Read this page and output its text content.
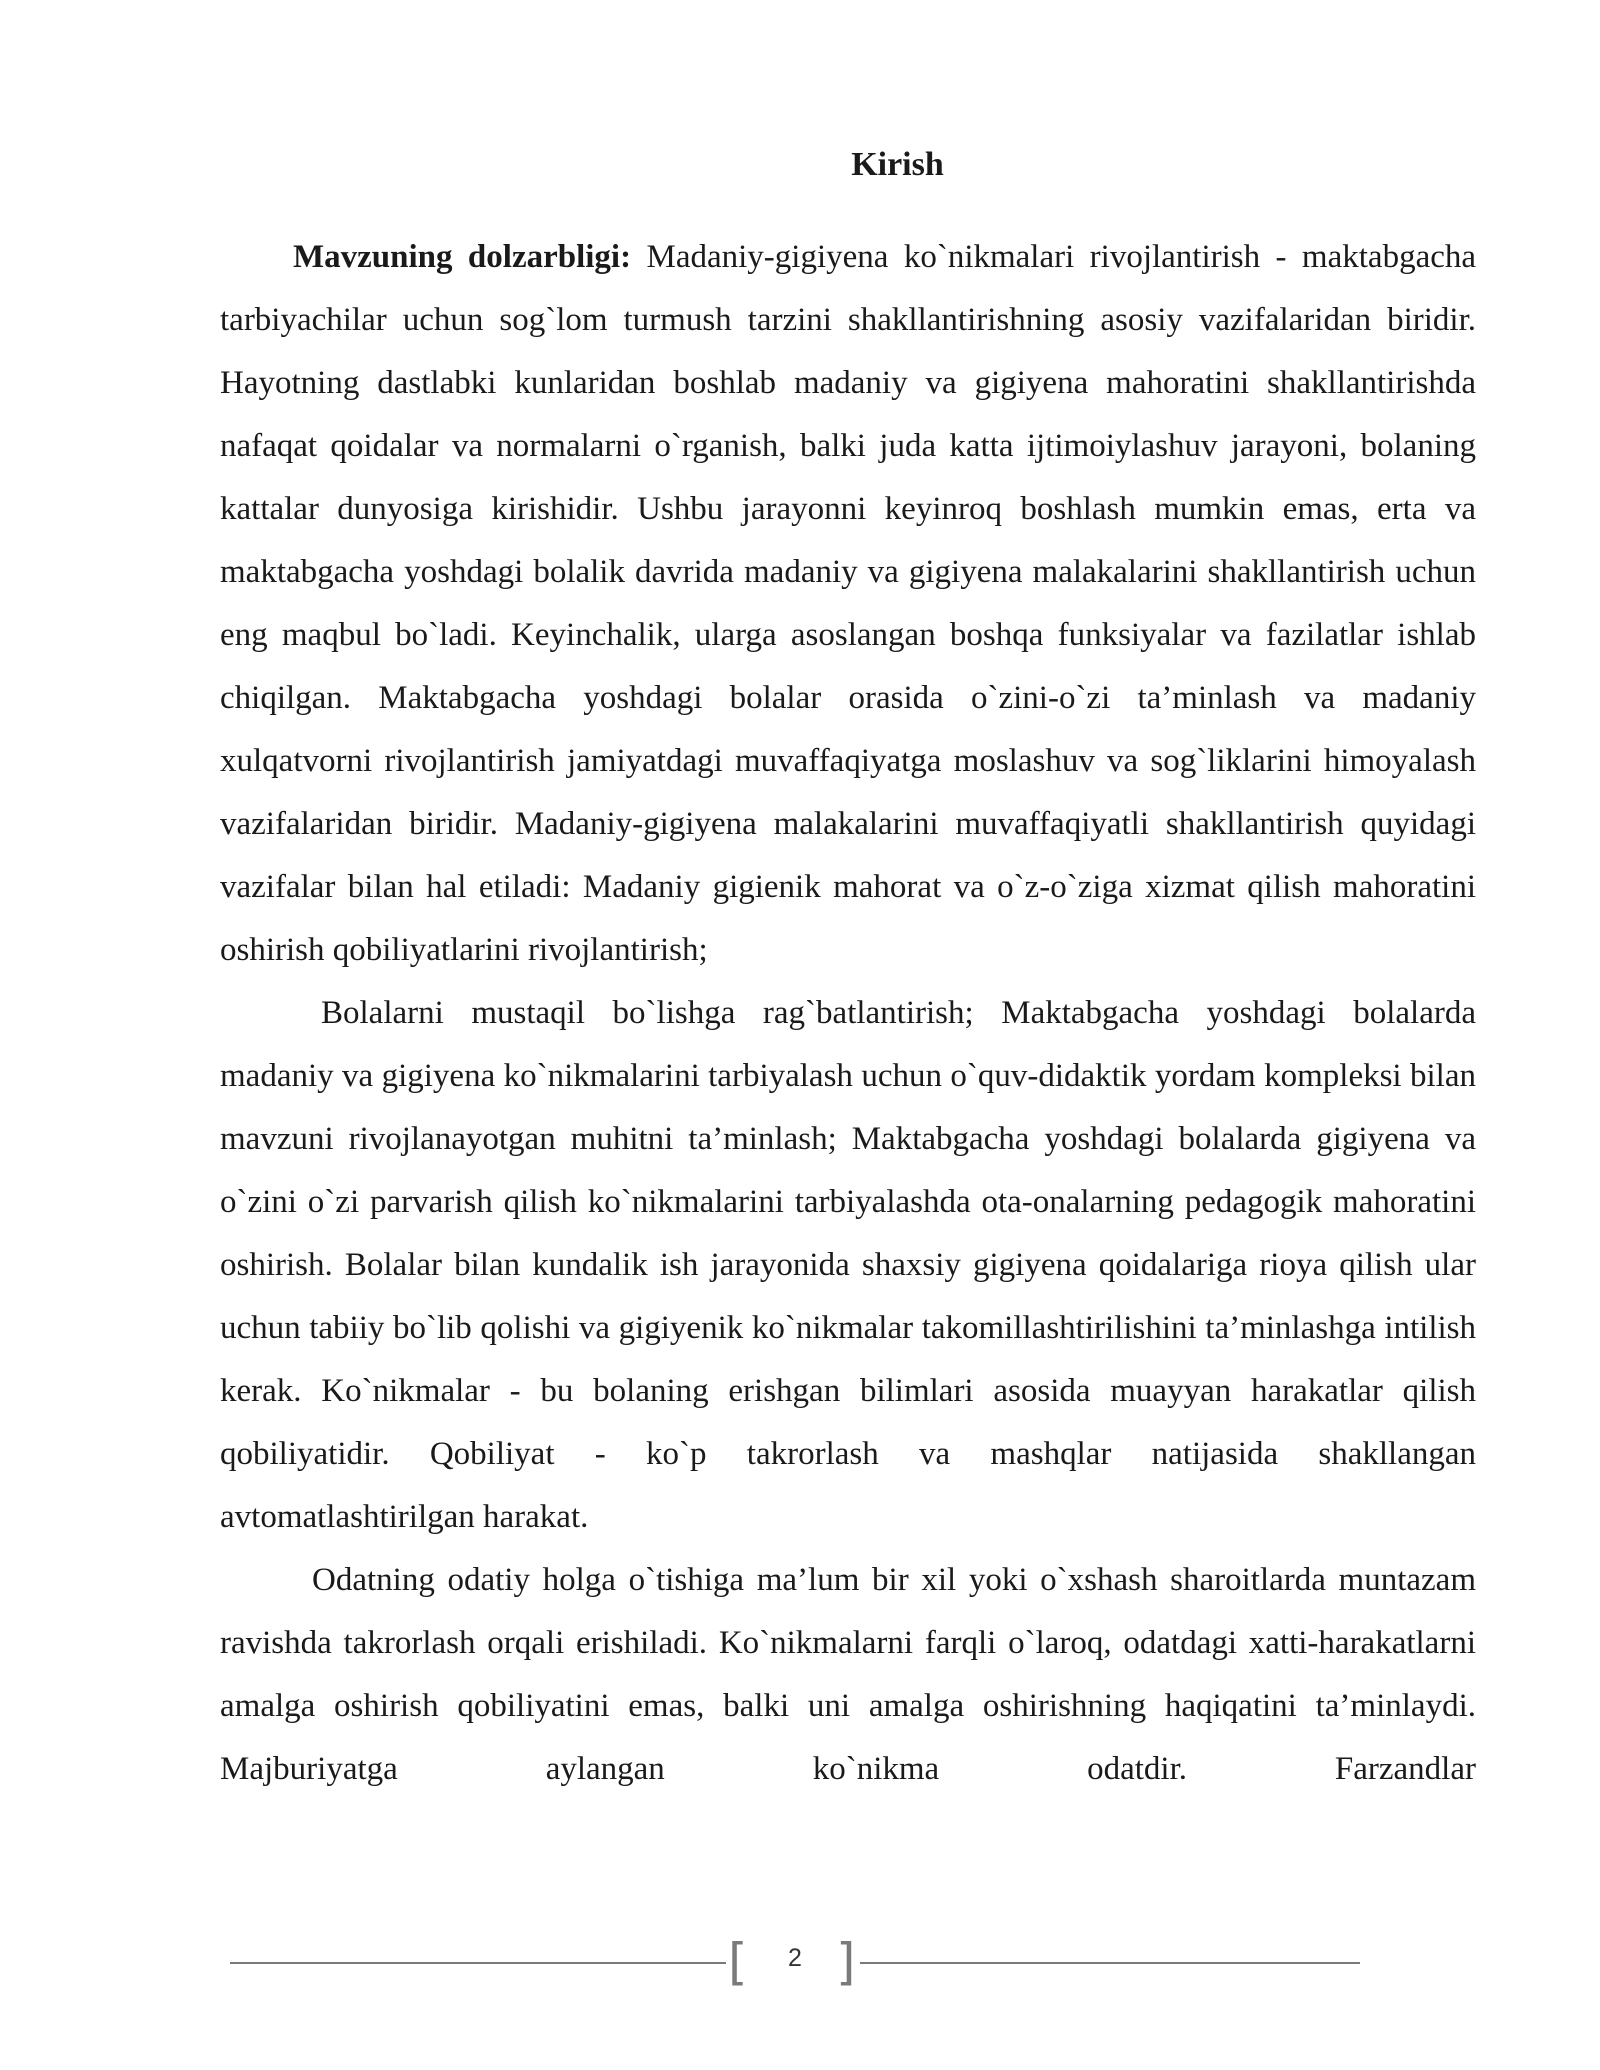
Kirish

Mavzuning dolzarbligi: Madaniy-gigiyena ko`nikmalari rivojlantirish - maktabgacha tarbiyachilar uchun sog`lom turmush tarzini shakllantirishning asosiy vazifalaridan biridir. Hayotning dastlabki kunlaridan boshlab madaniy va gigiyena mahoratini shakllantirishda nafaqat qoidalar va normalarni o`rganish, balki juda katta ijtimoiylashuv jarayoni, bolaning kattalar dunyosiga kirishidir. Ushbu jarayonni keyinroq boshlash mumkin emas, erta va maktabgacha yoshdagi bolalik davrida madaniy va gigiyena malakalarini shakllantirish uchun eng maqbul bo`ladi. Keyinchalik, ularga asoslangan boshqa funksiyalar va fazilatlar ishlab chiqilgan. Maktabgacha yoshdagi bolalar orasida o`zini-o`zi ta’minlash va madaniy xulqatvorni rivojlantirish jamiyatdagi muvaffaqiyatga moslashuv va sog`liklarini himoyalash vazifalaridan biridir. Madaniy-gigiyena malakalarini muvaffaqiyatli shakllantirish quyidagi vazifalar bilan hal etiladi: Madaniy gigienik mahorat va o`z-o`ziga xizmat qilish mahoratini oshirish qobiliyatlarini rivojlantirish;

Bolalarni mustaqil bo`lishga rag`batlantirish; Maktabgacha yoshdagi bolalarda madaniy va gigiyena ko`nikmalarini tarbiyalash uchun o`quv-didaktik yordam kompleksi bilan mavzuni rivojlanayotgan muhitni ta’minlash; Maktabgacha yoshdagi bolalarda gigiyena va o`zini o`zi parvarish qilish ko`nikmalarini tarbiyalashda ota-onalarning pedagogik mahoratini oshirish. Bolalar bilan kundalik ish jarayonida shaxsiy gigiyena qoidalariga rioya qilish ular uchun tabiiy bo`lib qolishi va gigiyenik ko`nikmalar takomillashtirilishini ta’minlashga intilish kerak. Ko`nikmalar - bu bolaning erishgan bilimlari asosida muayyan harakatlar qilish qobiliyatidir. Qobiliyat - ko`p takrorlash va mashqlar natijasida shakllangan avtomatlashtirilgan harakat.

Odatning odatiy holga o`tishiga ma’lum bir xil yoki o`xshash sharoitlarda muntazam ravishda takrorlash orqali erishiladi. Ko`nikmalarni farqli o`laroq, odatdagi xatti-harakatlarni amalga oshirish qobiliyatini emas, balki uni amalga oshirishning haqiqatini ta’minlaydi. Majburiyatga aylangan ko`nikma odatdir. Farzandlar

[	2 ]
